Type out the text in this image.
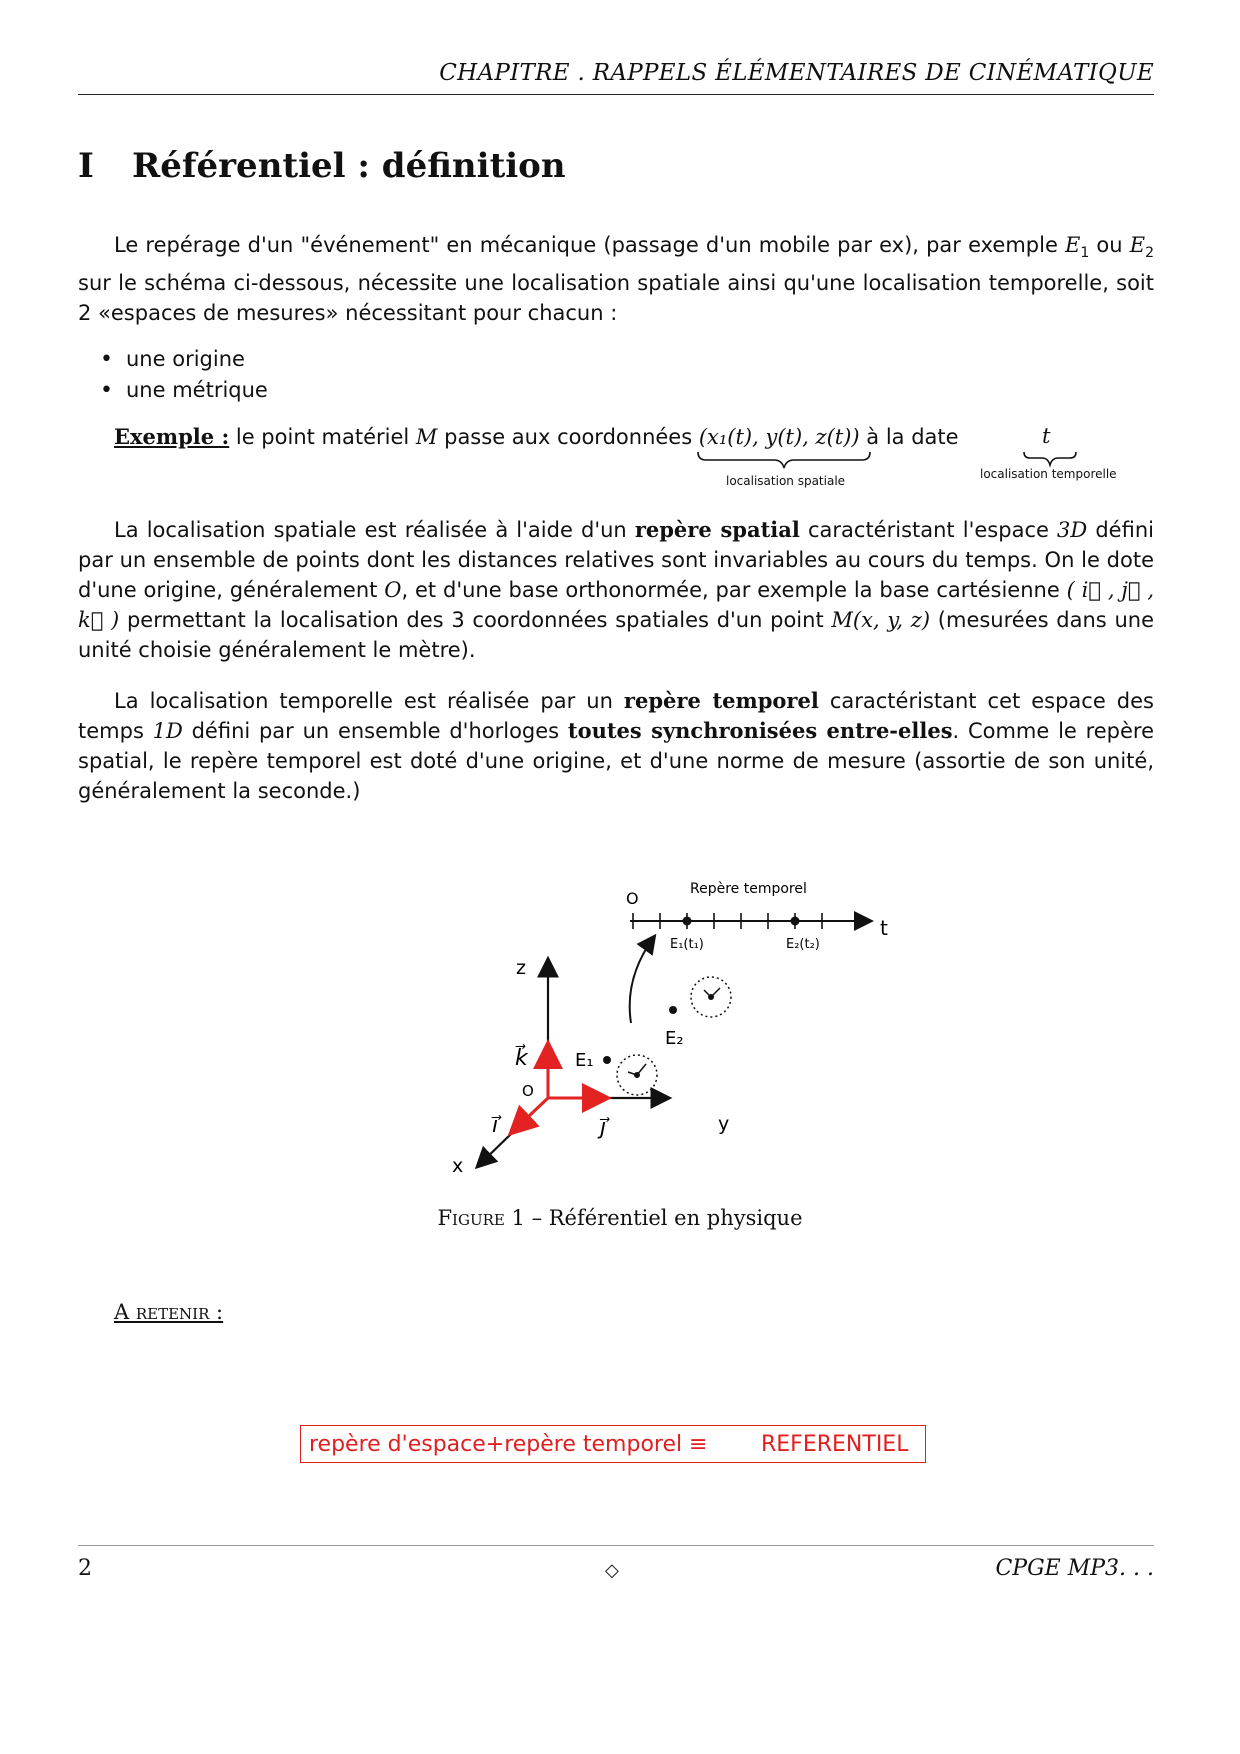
CHAPITRE . RAPPELS ÉLÉMENTAIRES DE CINÉMATIQUE
I Référentiel : définition

Le repérage d'un "événement" en mécanique (passage d'un mobile par ex), par exemple $E_1$ ou $E_2$ sur le schéma ci-dessous, nécessite une localisation spatiale ainsi qu'une localisation temporelle, soit 2 «espaces de mesures» nécessitant pour chacun :

• une origine
• une métrique
Exemple : le point matériel M passe aux coordonnées (x₁(t), y(t), z(t)) à la date	t
localisation spatiale	localisation temporelle

La localisation spatiale est réalisée à l'aide d'un repère spatial caractéristant l'espace 3D défini par un ensemble de points dont les distances relatives sont invariables au cours du temps. On le dote d'une origine, généralement O, et d'une base orthonormée, par exemple la base cartésienne ( i⃗ , j⃗ , k⃗ ) permettant la localisation des 3 coordonnées spatiales d'un point M(x, y, z) (mesurées dans une unité choisie généralement le mètre).

La localisation temporelle est réalisée par un repère temporel caractéristant cet espace des temps 1D défini par un ensemble d'horloges toutes synchronisées entre-elles. Comme le repère spatial, le repère temporel est doté d'une origine, et d'une norme de mesure (assortie de son unité, généralement la seconde.)

O	Repère temporel
t
E₁(t₁)	E₂(t₂)
z
y
x
k⃗
j⃗
i⃗
O
E₁
E₂
Figure 1 – Référentiel en physique
A retenir :
repère d'espace+repère temporel ≡ REFERENTIEL
2	◇	CPGE MP3. . .
